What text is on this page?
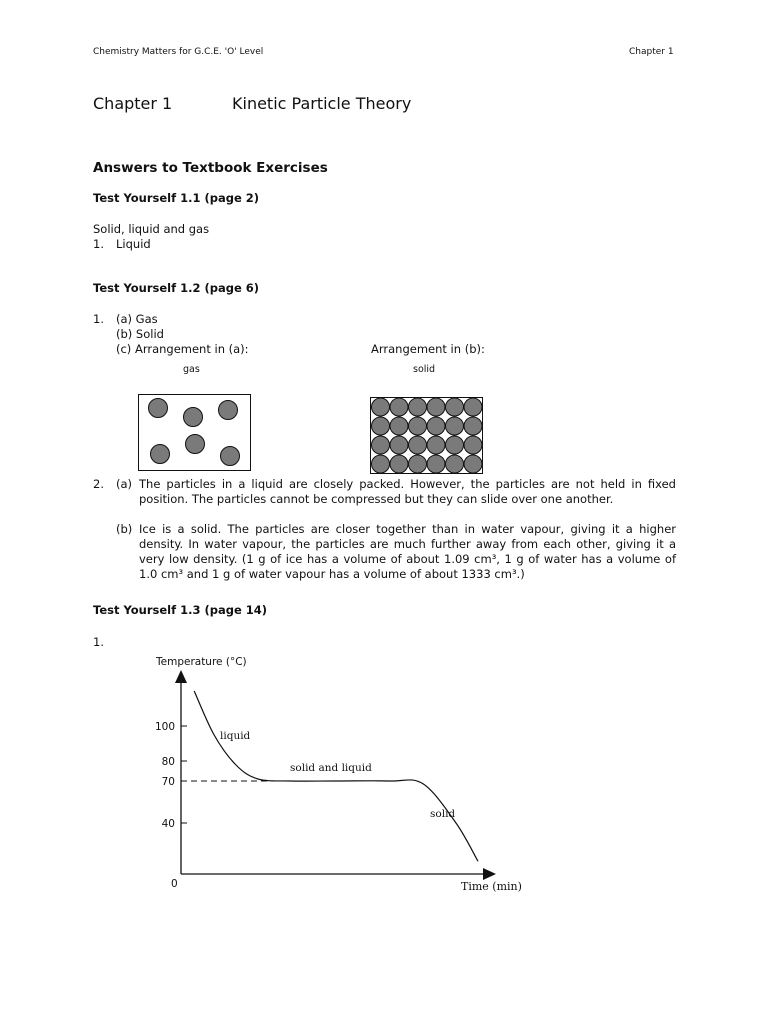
Chemistry Matters for G.C.E. 'O' Level	Chapter 1
Chapter 1	Kinetic Particle Theory
Answers to Textbook Exercises
Test Yourself 1.1 (page 2)
Solid, liquid and gas
1. Liquid
Test Yourself 1.2 (page 6)
1. (a) Gas
(b) Solid
(c) Arrangement in (a):	Arrangement in (b):
gas	solid
2. (a) The particles in a liquid are closely packed. However, the particles are not held in fixed position. The particles cannot be compressed but they can slide over one another.
(b) Ice is a solid. The particles are closer together than in water vapour, giving it a higher density. In water vapour, the particles are much further away from each other, giving it a very low density. (1 g of ice has a volume of about 1.09 cm³, 1 g of water has a volume of 1.0 cm³ and 1 g of water vapour has a volume of about 1333 cm³.)
Test Yourself 1.3 (page 14)
1.
Temperature (°C)
0	Time (min)
100
80
70
40
liquid
solid and liquid
solid
